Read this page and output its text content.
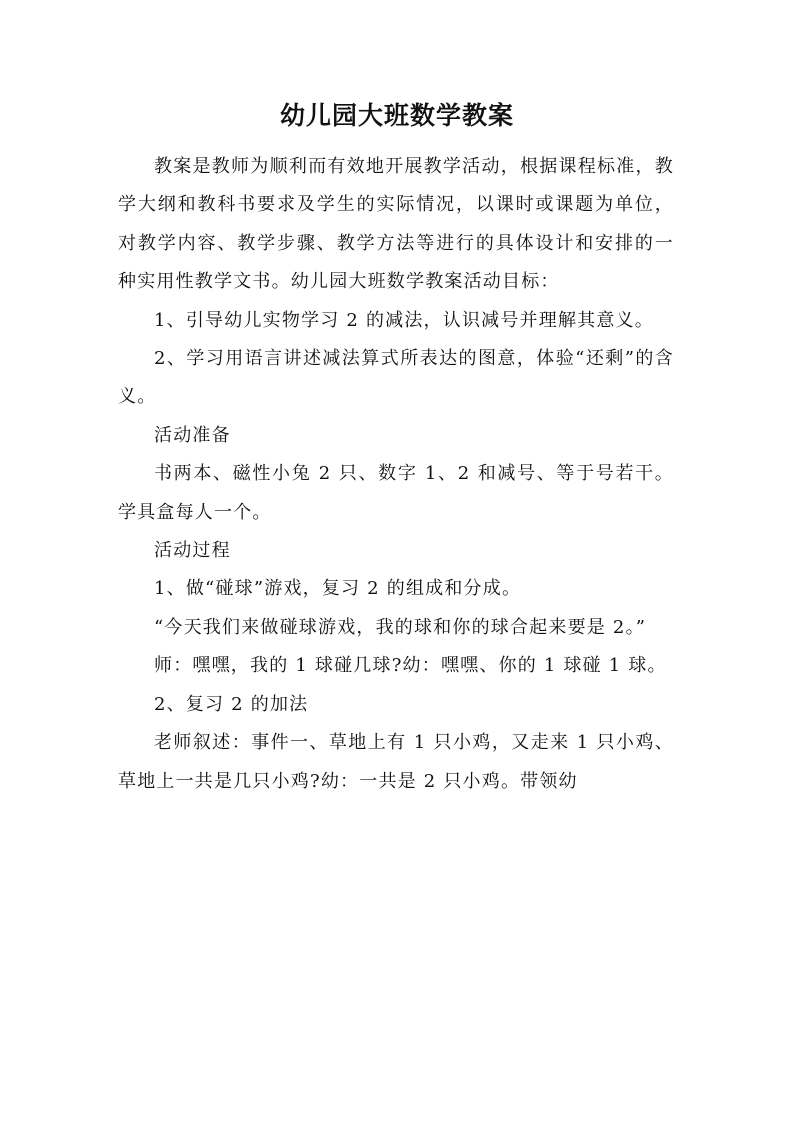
幼儿园大班数学教案

教案是教师为顺利而有效地开展教学活动，根据课程标准，教学大纲和教科书要求及学生的实际情况，以课时或课题为单位，对教学内容、教学步骤、教学方法等进行的具体设计和安排的一种实用性教学文书。幼儿园大班数学教案活动目标：

1、引导幼儿实物学习 2 的减法，认识减号并理解其意义。

2、学习用语言讲述减法算式所表达的图意，体验“还剩”的含义。

活动准备

书两本、磁性小兔 2 只、数字 1、2 和减号、等于号若干。学具盒每人一个。

活动过程

1、做“碰球”游戏，复习 2 的组成和分成。

“今天我们来做碰球游戏，我的球和你的球合起来要是 2。”

师：嘿嘿，我的 1 球碰几球?幼：嘿嘿、你的 1 球碰 1 球。

2、复习 2 的加法

老师叙述：事件一、草地上有 1 只小鸡，又走来 1 只小鸡、草地上一共是几只小鸡?幼：一共是 2 只小鸡。带领幼
